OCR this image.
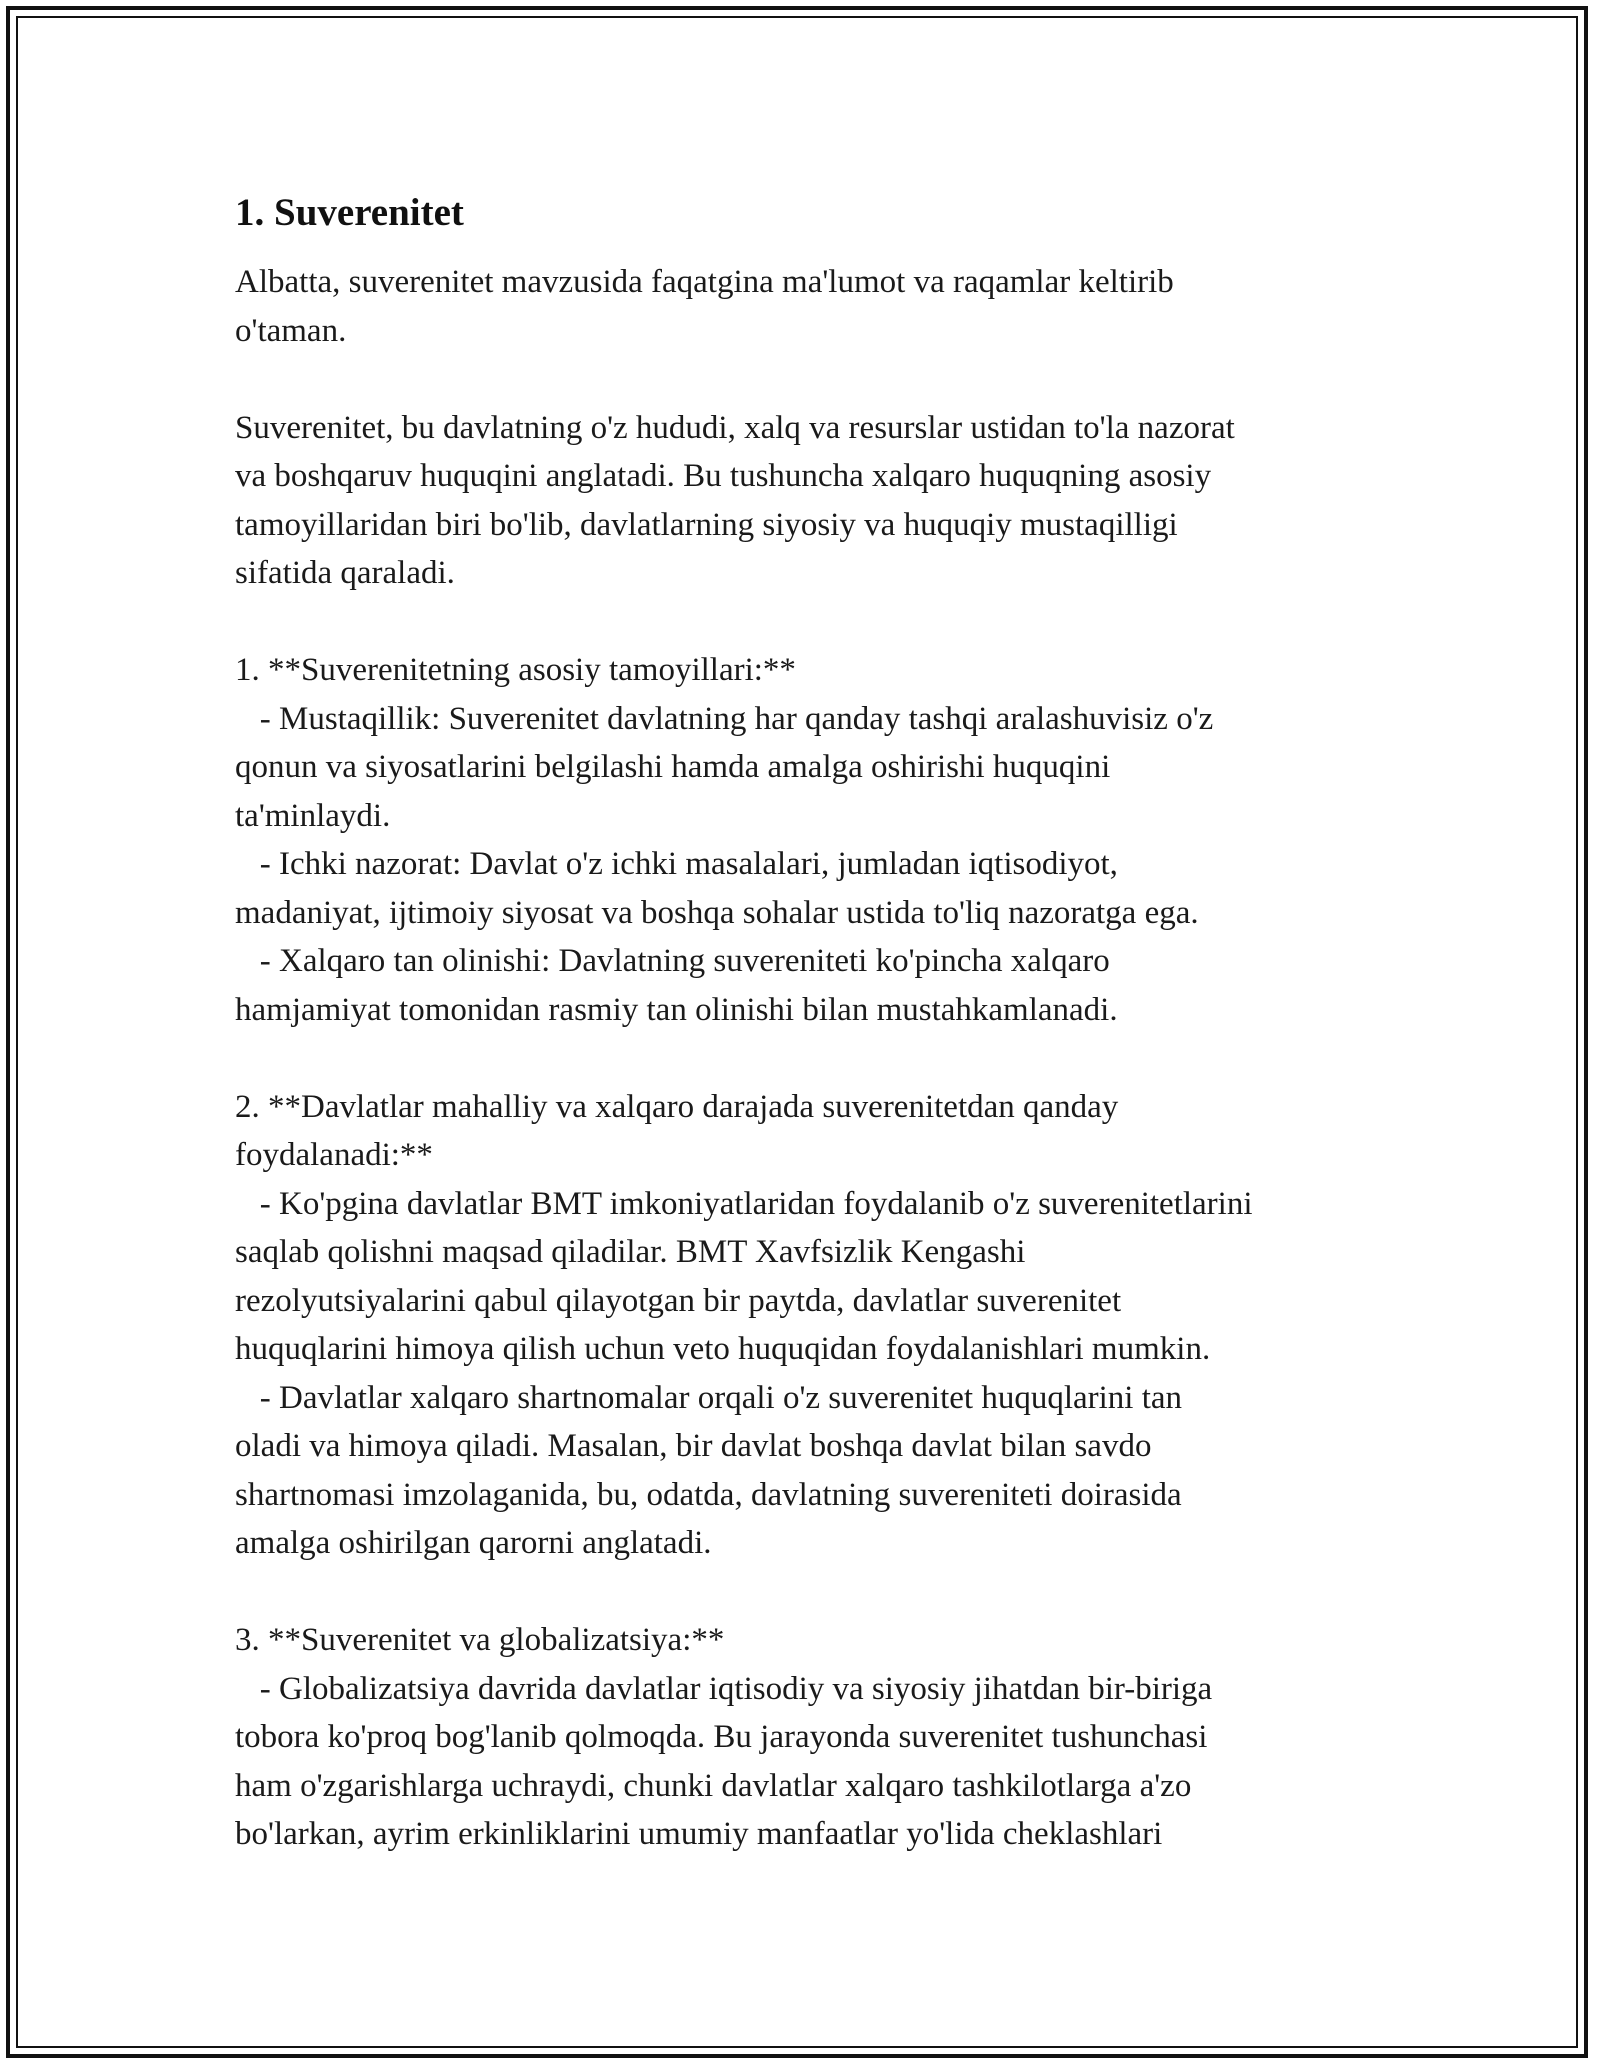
1. Suverenitet

Albatta, suverenitet mavzusida faqatgina ma'lumot va raqamlar keltirib
o'taman.

Suverenitet, bu davlatning o'z hududi, xalq va resurslar ustidan to'la nazorat
va boshqaruv huquqini anglatadi. Bu tushuncha xalqaro huquqning asosiy
tamoyillaridan biri bo'lib, davlatlarning siyosiy va huquqiy mustaqilligi
sifatida qaraladi.

1. **Suverenitetning asosiy tamoyillari:**
- Mustaqillik: Suverenitet davlatning har qanday tashqi aralashuvisiz o'z
qonun va siyosatlarini belgilashi hamda amalga oshirishi huquqini
ta'minlaydi.
- Ichki nazorat: Davlat o'z ichki masalalari, jumladan iqtisodiyot,
madaniyat, ijtimoiy siyosat va boshqa sohalar ustida to'liq nazoratga ega.
- Xalqaro tan olinishi: Davlatning suvereniteti ko'pincha xalqaro
hamjamiyat tomonidan rasmiy tan olinishi bilan mustahkamlanadi.

2. **Davlatlar mahalliy va xalqaro darajada suverenitetdan qanday
foydalanadi:**
- Ko'pgina davlatlar BMT imkoniyatlaridan foydalanib o'z suverenitetlarini
saqlab qolishni maqsad qiladilar. BMT Xavfsizlik Kengashi
rezolyutsiyalarini qabul qilayotgan bir paytda, davlatlar suverenitet
huquqlarini himoya qilish uchun veto huquqidan foydalanishlari mumkin.
- Davlatlar xalqaro shartnomalar orqali o'z suverenitet huquqlarini tan
oladi va himoya qiladi. Masalan, bir davlat boshqa davlat bilan savdo
shartnomasi imzolaganida, bu, odatda, davlatning suvereniteti doirasida
amalga oshirilgan qarorni anglatadi.

3. **Suverenitet va globalizatsiya:**
- Globalizatsiya davrida davlatlar iqtisodiy va siyosiy jihatdan bir-biriga
tobora ko'proq bog'lanib qolmoqda. Bu jarayonda suverenitet tushunchasi
ham o'zgarishlarga uchraydi, chunki davlatlar xalqaro tashkilotlarga a'zo
bo'larkan, ayrim erkinliklarini umumiy manfaatlar yo'lida cheklashlari
